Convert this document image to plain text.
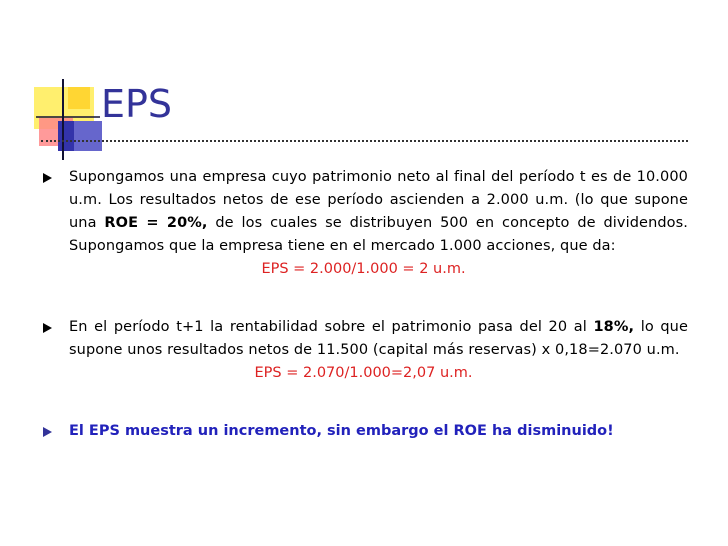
EPS

Supongamos una empresa cuyo patrimonio neto al final del período t es de 10.000 u.m. Los resultados netos de ese período ascienden a 2.000 u.m. (lo que supone una ROE = 20%, de los cuales se distribuyen 500 en concepto de dividendos. Supongamos que la empresa tiene en el mercado 1.000 acciones, que da:

EPS = 2.000/1.000 = 2 u.m.

En el período t+1 la rentabilidad sobre el patrimonio pasa del 20 al 18%, lo que supone unos resultados netos de 11.500 (capital más reservas) x 0,18=2.070 u.m.

EPS = 2.070/1.000=2,07 u.m.

El EPS muestra un incremento, sin embargo el ROE ha disminuido!
